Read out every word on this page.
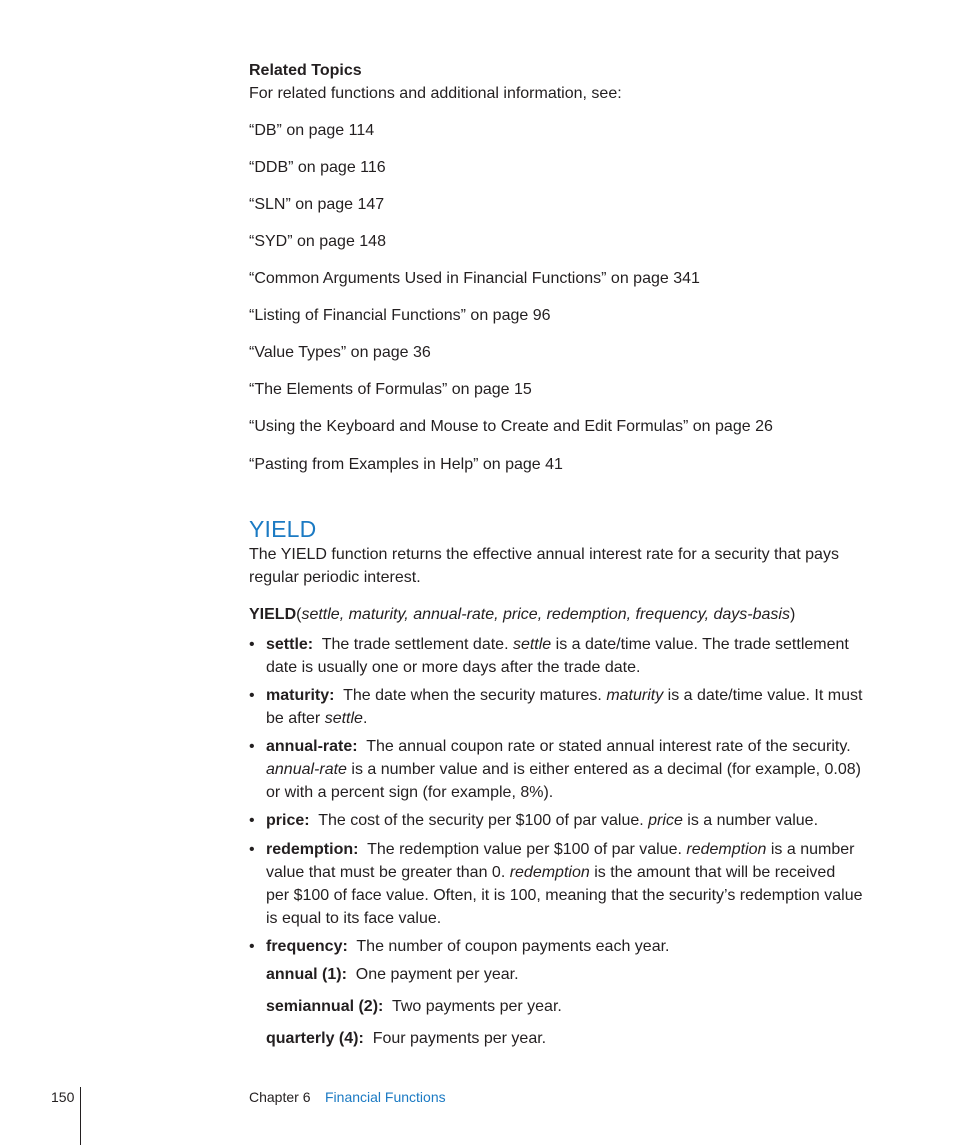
Related Topics
For related functions and additional information, see:
“DB” on page 114
“DDB” on page 116
“SLN” on page 147
“SYD” on page 148
“Common Arguments Used in Financial Functions” on page 341
“Listing of Financial Functions” on page 96
“Value Types” on page 36
“The Elements of Formulas” on page 15
“Using the Keyboard and Mouse to Create and Edit Formulas” on page 26
“Pasting from Examples in Help” on page 41
YIELD
The YIELD function returns the effective annual interest rate for a security that pays
regular periodic interest.
YIELD(settle, maturity, annual-rate, price, redemption, frequency, days-basis)
• settle: The trade settlement date. settle is a date/time value. The trade settlement
date is usually one or more days after the trade date.
• maturity: The date when the security matures. maturity is a date/time value. It must
be after settle.
• annual-rate: The annual coupon rate or stated annual interest rate of the security.
annual-rate is a number value and is either entered as a decimal (for example, 0.08)
or with a percent sign (for example, 8%).
• price: The cost of the security per $100 of par value. price is a number value.
• redemption: The redemption value per $100 of par value. redemption is a number
value that must be greater than 0. redemption is the amount that will be received
per $100 of face value. Often, it is 100, meaning that the security’s redemption value
is equal to its face value.
• frequency: The number of coupon payments each year.
annual (1): One payment per year.
semiannual (2): Two payments per year.
quarterly (4): Four payments per year.
150	Chapter 6 Financial Functions
